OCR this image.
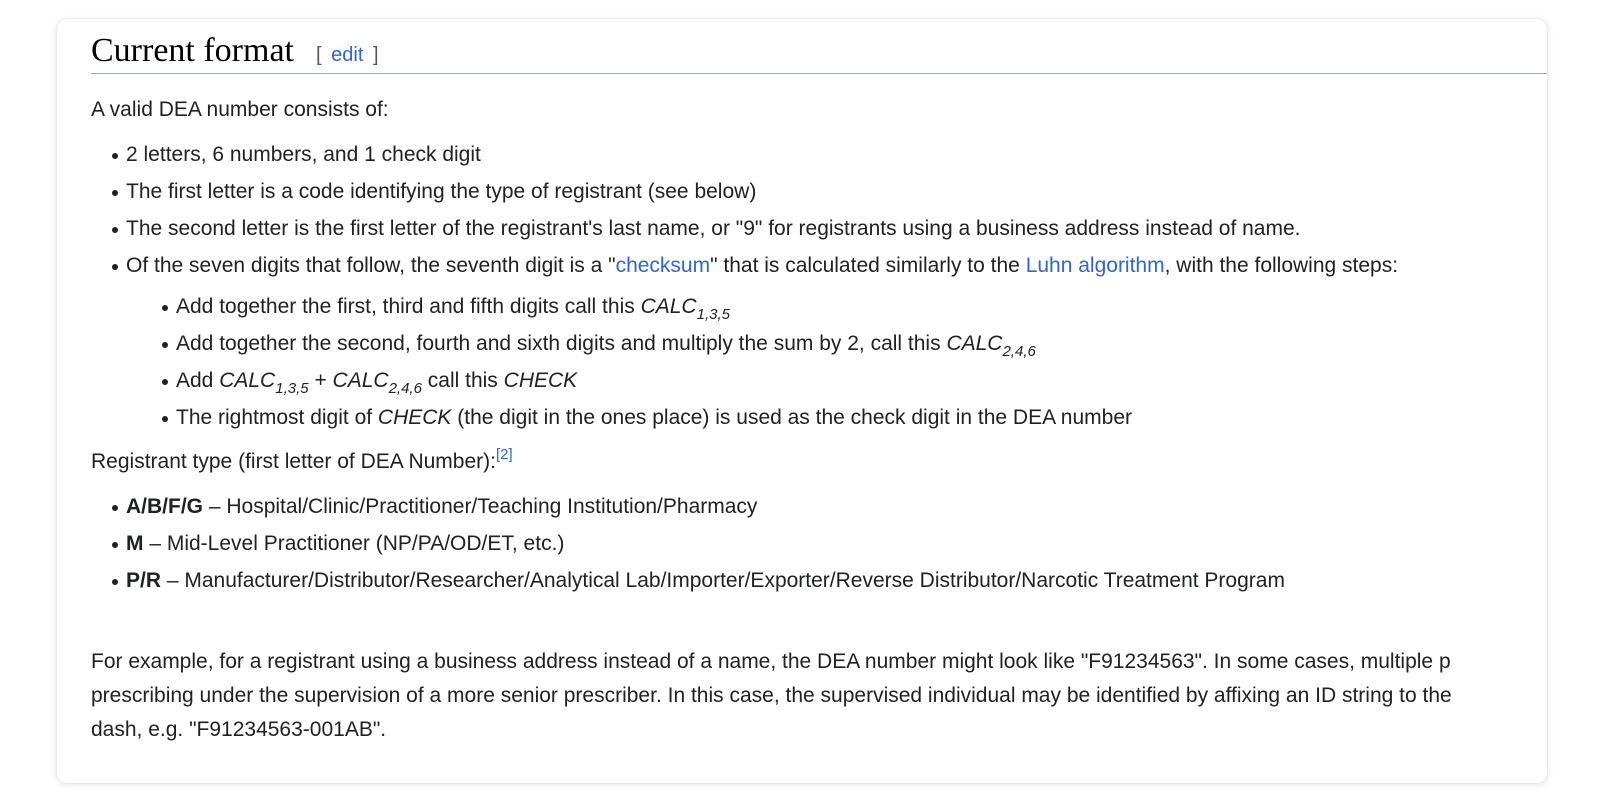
Current format [ edit ]

A valid DEA number consists of:

2 letters, 6 numbers, and 1 check digit
The first letter is a code identifying the type of registrant (see below)
The second letter is the first letter of the registrant's last name, or "9" for registrants using a business address instead of name.
Of the seven digits that follow, the seventh digit is a "checksum" that is calculated similarly to the Luhn algorithm, with the following steps:
Add together the first, third and fifth digits call this $CALC_{1,3,5}$
Add together the second, fourth and sixth digits and multiply the sum by 2, call this $CALC_{2,4,6}$
Add $CALC_{1,3,5}$ + $CALC_{2,4,6}$ call this CHECK
The rightmost digit of CHECK (the digit in the ones place) is used as the check digit in the DEA number

Registrant type (first letter of DEA Number):[2]

A/B/F/G – Hospital/Clinic/Practitioner/Teaching Institution/Pharmacy
M – Mid-Level Practitioner (NP/PA/OD/ET, etc.)
P/R – Manufacturer/Distributor/Researcher/Analytical Lab/Importer/Exporter/Reverse Distributor/Narcotic Treatment Program

For example, for a registrant using a business address instead of a name, the DEA number might look like "F91234563". In some cases, multiple p

prescribing under the supervision of a more senior prescriber. In this case, the supervised individual may be identified by affixing an ID string to the

dash, e.g. "F91234563-001AB".
